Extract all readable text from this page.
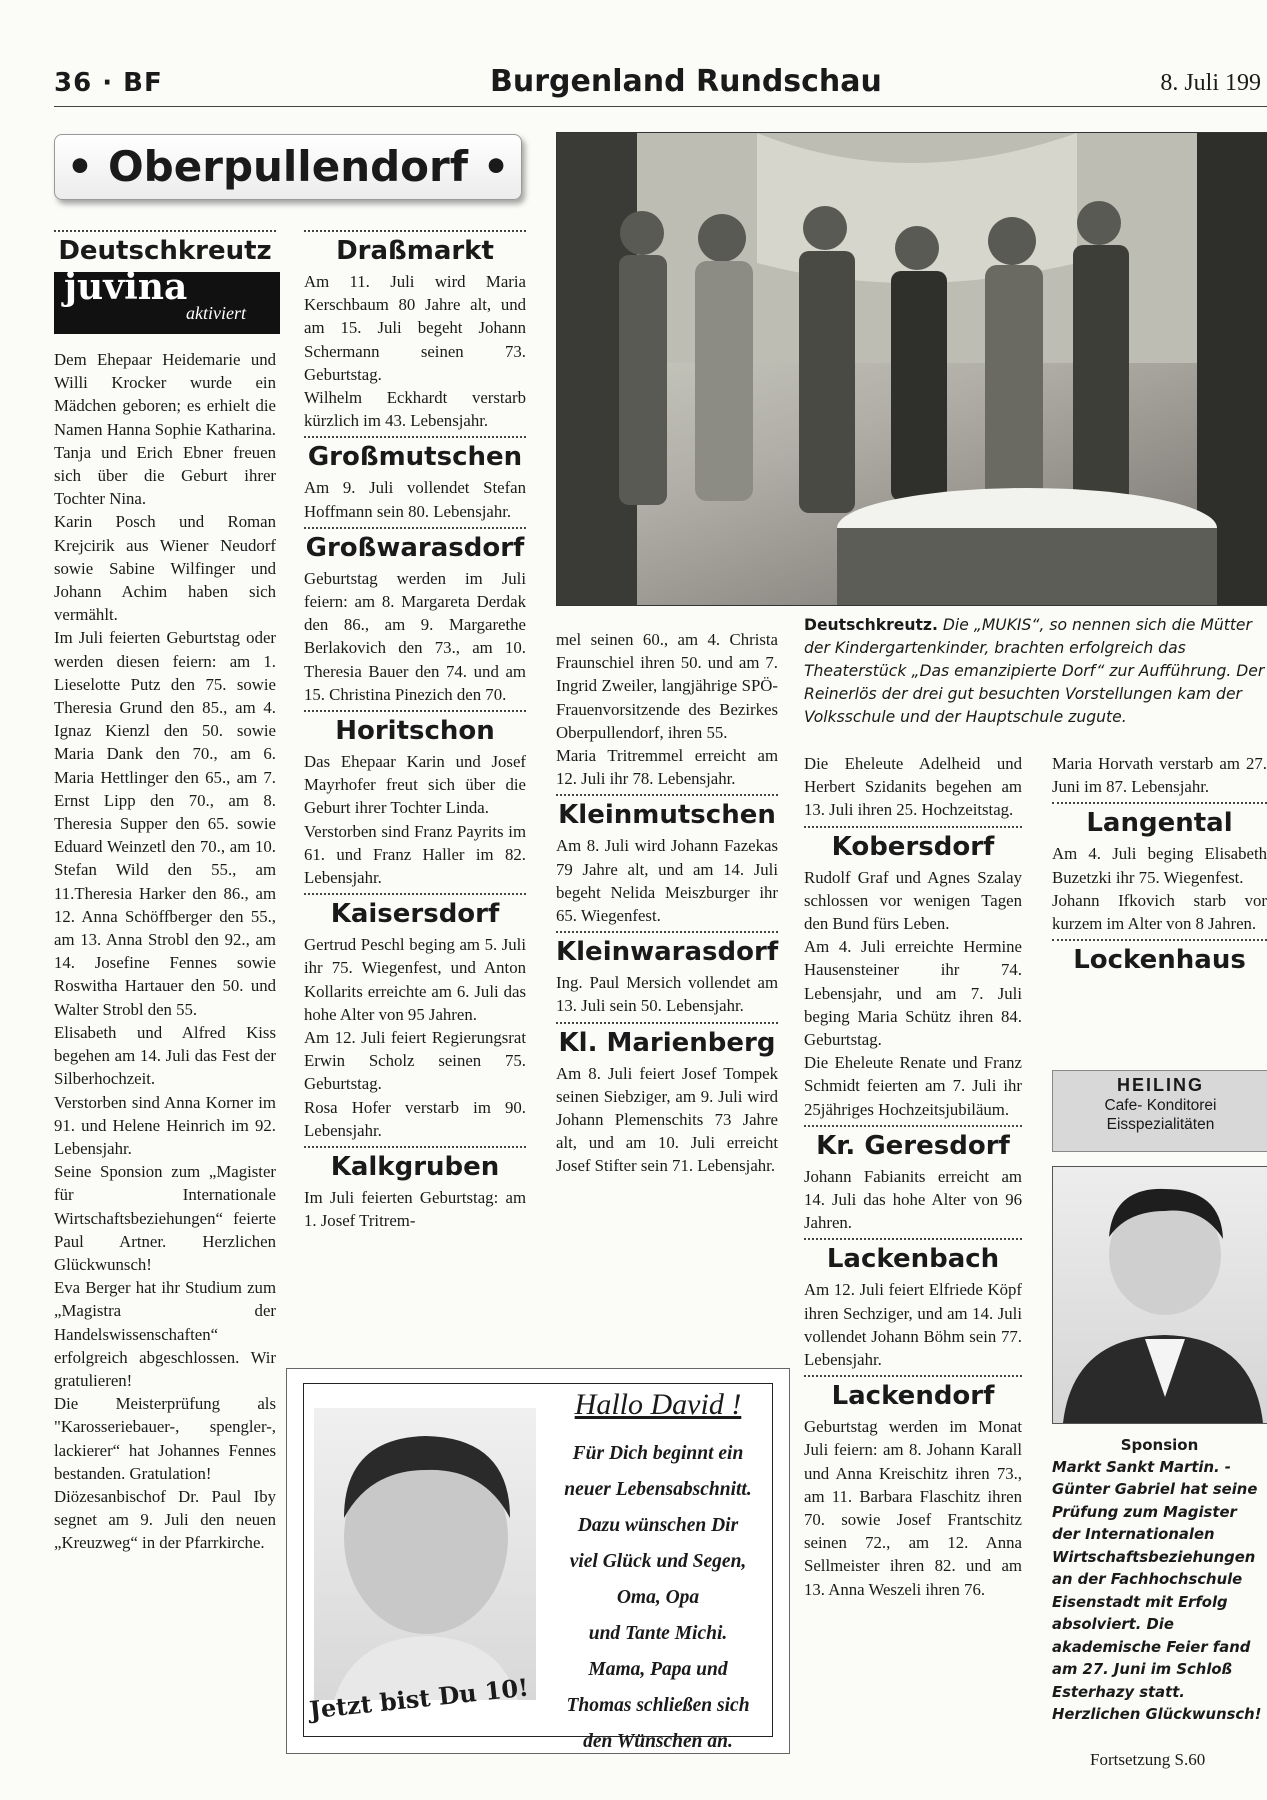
36 · BF	Burgenland Rundschau	8. Juli 199
• Oberpullendorf •
Deutschkreutz
juvina
aktiviert

Dem Ehepaar Heidemarie und Willi Krocker wurde ein Mädchen geboren; es erhielt die Namen Hanna Sophie Katharina. Tanja und Erich Ebner freuen sich über die Geburt ihrer Tochter Nina.

Karin Posch und Roman Krejcirik aus Wiener Neudorf sowie Sabine Wilfinger und Johann Achim haben sich vermählt.

Im Juli feierten Geburtstag oder werden diesen feiern: am 1. Lieselotte Putz den 75. sowie Theresia Grund den 85., am 4. Ignaz Kienzl den 50. sowie Maria Dank den 70., am 6. Maria Hettlinger den 65., am 7. Ernst Lipp den 70., am 8. Theresia Supper den 65. sowie Eduard Weinzetl den 70., am 10. Stefan Wild den 55., am 11.Theresia Harker den 86., am 12. Anna Schöffberger den 55., am 13. Anna Strobl den 92., am 14. Josefine Fennes sowie Roswitha Hartauer den 50. und Walter Strobl den 55.

Elisabeth und Alfred Kiss begehen am 14. Juli das Fest der Silberhochzeit.

Verstorben sind Anna Korner im 91. und Helene Heinrich im 92. Lebensjahr.

Seine Sponsion zum „Magister für Internationale Wirtschaftsbeziehungen“ feierte Paul Artner. Herzlichen Glückwunsch!

Eva Berger hat ihr Studium zum „Magistra der Handelswissenschaften“ erfolgreich abgeschlossen. Wir gratulieren!

Die Meisterprüfung als "Karosseriebauer-, spengler-, lackierer“ hat Johannes Fennes bestanden. Gratulation!

Diözesanbischof Dr. Paul Iby segnet am 9. Juli den neuen „Kreuzweg“ in der Pfarrkirche.

Draßmarkt

Am 11. Juli wird Maria Kerschbaum 80 Jahre alt, und am 15. Juli begeht Johann Schermann seinen 73. Geburtstag.

Wilhelm Eckhardt verstarb kürzlich im 43. Lebensjahr.

Großmutschen

Am 9. Juli vollendet Stefan Hoffmann sein 80. Lebensjahr.

Großwarasdorf

Geburtstag werden im Juli feiern: am 8. Margareta Derdak den 86., am 9. Margarethe Berlakovich den 73., am 10. Theresia Bauer den 74. und am 15. Christina Pinezich den 70.

Horitschon

Das Ehepaar Karin und Josef Mayrhofer freut sich über die Geburt ihrer Tochter Linda.

Verstorben sind Franz Payrits im 61. und Franz Haller im 82. Lebensjahr.

Kaisersdorf

Gertrud Peschl beging am 5. Juli ihr 75. Wiegenfest, und Anton Kollarits erreichte am 6. Juli das hohe Alter von 95 Jahren.

Am 12. Juli feiert Regierungsrat Erwin Scholz seinen 75. Geburtstag.

Rosa Hofer verstarb im 90. Lebensjahr.

Kalkgruben

Im Juli feierten Geburtstag: am 1. Josef Tritrem-

Deutschkreutz. Die „MUKIS“, so nennen sich die Mütter der Kindergartenkinder, brachten erfolgreich das Theaterstück „Das emanzipierte Dorf“ zur Aufführung. Der Reinerlös der drei gut besuchten Vorstellungen kam der Volksschule und der Hauptschule zugute.

mel seinen 60., am 4. Christa Fraunschiel ihren 50. und am 7. Ingrid Zweiler, langjährige SPÖ-Frauenvorsitzende des Bezirkes Oberpullendorf, ihren 55.

Maria Tritremmel erreicht am 12. Juli ihr 78. Lebensjahr.

Kleinmutschen

Am 8. Juli wird Johann Fazekas 79 Jahre alt, und am 14. Juli begeht Nelida Meiszburger ihr 65. Wiegenfest.

Kleinwarasdorf

Ing. Paul Mersich vollendet am 13. Juli sein 50. Lebensjahr.

Kl. Marienberg

Am 8. Juli feiert Josef Tompek seinen Siebziger, am 9. Juli wird Johann Plemenschits 73 Jahre alt, und am 10. Juli erreicht Josef Stifter sein 71. Lebensjahr.

Die Eheleute Adelheid und Herbert Szidanits begehen am 13. Juli ihren 25. Hochzeitstag.

Kobersdorf

Rudolf Graf und Agnes Szalay schlossen vor wenigen Tagen den Bund fürs Leben.

Am 4. Juli erreichte Hermine Hausensteiner ihr 74. Lebensjahr, und am 7. Juli beging Maria Schütz ihren 84. Geburtstag.

Die Eheleute Renate und Franz Schmidt feierten am 7. Juli ihr 25jähriges Hochzeitsjubiläum.

Kr. Geresdorf

Johann Fabianits erreicht am 14. Juli das hohe Alter von 96 Jahren.

Lackenbach

Am 12. Juli feiert Elfriede Köpf ihren Sechziger, und am 14. Juli vollendet Johann Böhm sein 77. Lebensjahr.

Lackendorf

Geburtstag werden im Monat Juli feiern: am 8. Johann Karall und Anna Kreischitz ihren 73., am 11. Barbara Flaschitz ihren 70. sowie Josef Frantschitz seinen 72., am 12. Anna Sellmeister ihren 82. und am 13. Anna Weszeli ihren 76.

Maria Horvath verstarb am 27. Juni im 87. Lebensjahr.

Langental

Am 4. Juli beging Elisabeth Buzetzki ihr 75. Wiegenfest.

Johann Ifkovich starb vor kurzem im Alter von 8 Jahren.

Lockenhaus
HEILING
Cafe- Konditorei
Eisspezialitäten
Sponsion
Markt Sankt Martin. - Günter Gabriel hat seine Prüfung zum Magister der Internationalen Wirtschaftsbeziehungen an der Fachhochschule Eisenstadt mit Erfolg absolviert. Die akademische Feier fand am 27. Juni im Schloß Esterhazy statt. Herzlichen Glückwunsch!
Fortsetzung S.60
Jetzt bist Du 10!
Hallo David !
Für Dich beginnt ein
neuer Lebensabschnitt.
Dazu wünschen Dir
viel Glück und Segen,
Oma, Opa
und Tante Michi.
Mama, Papa und
Thomas schließen sich
den Wünschen an.
